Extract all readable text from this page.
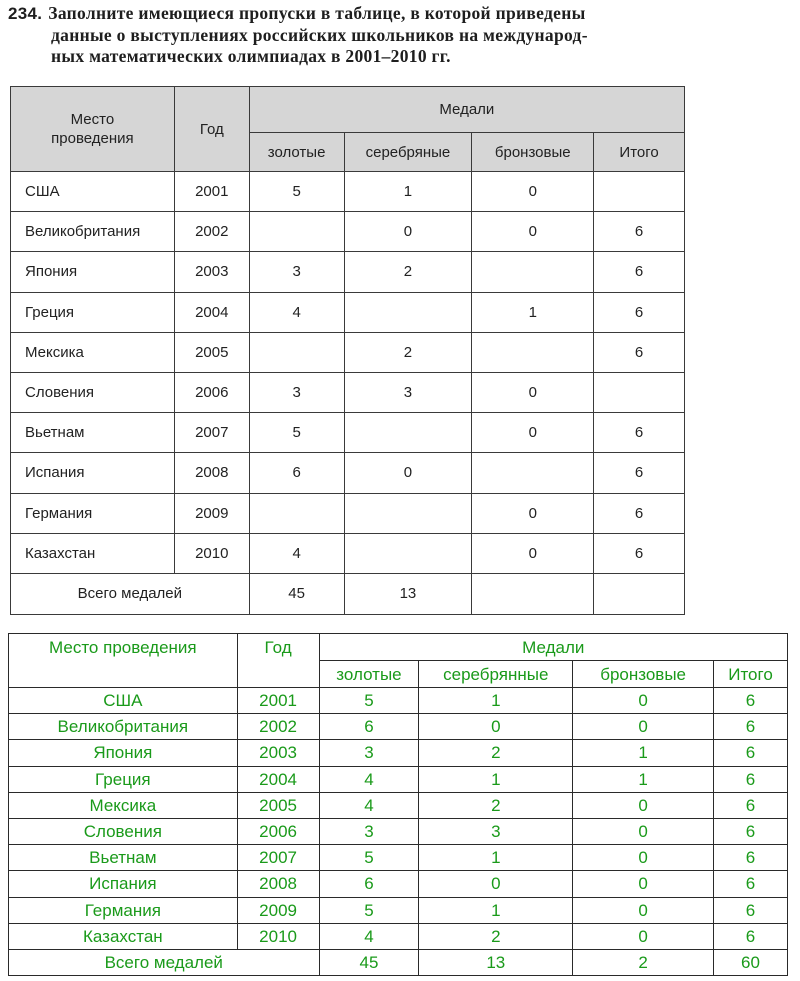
234. Заполните имеющиеся пропуски в таблице, в которой приведены
данные о выступлениях российских школьников на международ-
ных математических олимпиадах в 2001–2010 гг.
Место
проведения	Год	Медали			
		золотые	серебряные	бронзовые	Итого
США	2001	5	1	0	
Великобритания	2002		0	0	6
Япония	2003	3	2		6
Греция	2004	4		1	6
Мексика	2005		2		6
Словения	2006	3	3	0	
Вьетнам	2007	5		0	6
Испания	2008	6	0		6
Германия	2009			0	6
Казахстан	2010	4		0	6
Всего медалей		45	13		
Место проведения	Год	Медали			
		золотые	серебрянные	бронзовые	Итого
США	2001	5	1	0	6
Великобритания	2002	6	0	0	6
Япония	2003	3	2	1	6
Греция	2004	4	1	1	6
Мексика	2005	4	2	0	6
Словения	2006	3	3	0	6
Вьетнам	2007	5	1	0	6
Испания	2008	6	0	0	6
Германия	2009	5	1	0	6
Казахстан	2010	4	2	0	6
Всего медалей		45	13	2	60
